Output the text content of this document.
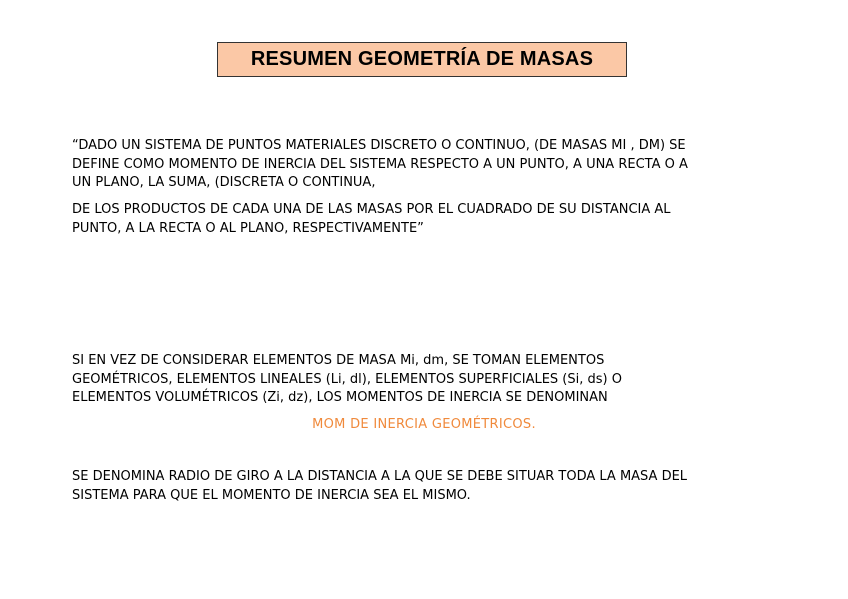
RESUMEN GEOMETRÍA DE MASAS

“DADO UN SISTEMA DE PUNTOS MATERIALES DISCRETO O CONTINUO, (DE MASAS MI , DM) SE
DEFINE COMO MOMENTO DE INERCIA DEL SISTEMA RESPECTO A UN PUNTO, A UNA RECTA O A
UN PLANO, LA SUMA, (DISCRETA O CONTINUA,

DE LOS PRODUCTOS DE CADA UNA DE LAS MASAS POR EL CUADRADO DE SU DISTANCIA AL
PUNTO, A LA RECTA O AL PLANO, RESPECTIVAMENTE”

SI EN VEZ DE CONSIDERAR ELEMENTOS DE MASA Mi, dm, SE TOMAN ELEMENTOS
GEOMÉTRICOS, ELEMENTOS LINEALES (Li, dl), ELEMENTOS SUPERFICIALES (Si, ds) O
ELEMENTOS VOLUMÉTRICOS (Zi, dz), LOS MOMENTOS DE INERCIA SE DENOMINAN

MOM DE INERCIA GEOMÉTRICOS.

SE DENOMINA RADIO DE GIRO A LA DISTANCIA A LA QUE SE DEBE SITUAR TODA LA MASA DEL
SISTEMA PARA QUE EL MOMENTO DE INERCIA SEA EL MISMO.
